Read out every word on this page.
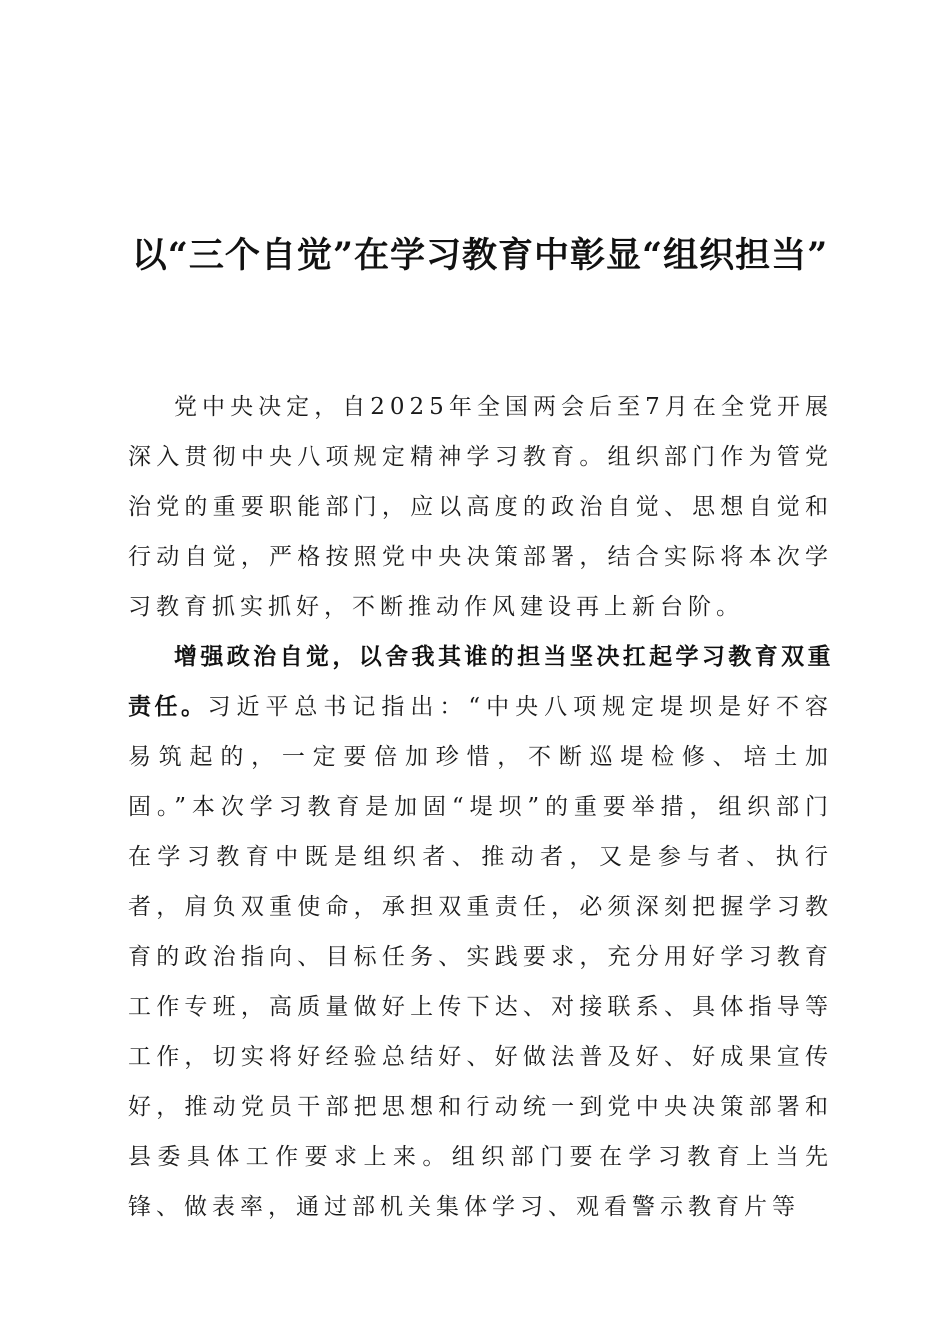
以“三个自觉”在学习教育中彰显“组织担当”

党中央决定，自2025年全国两会后至7月在全党开展深入贯彻中央八项规定精神学习教育。组织部门作为管党治党的重要职能部门，应以高度的政治自觉、思想自觉和行动自觉，严格按照党中央决策部署，结合实际将本次学习教育抓实抓好，不断推动作风建设再上新台阶。

增强政治自觉，以舍我其谁的担当坚决扛起学习教育双重责任。习近平总书记指出：“中央八项规定堤坝是好不容易筑起的，一定要倍加珍惜，不断巡堤检修、培土加固。”本次学习教育是加固“堤坝”的重要举措，组织部门在学习教育中既是组织者、推动者，又是参与者、执行者，肩负双重使命，承担双重责任，必须深刻把握学习教育的政治指向、目标任务、实践要求，充分用好学习教育工作专班，高质量做好上传下达、对接联系、具体指导等工作，切实将好经验总结好、好做法普及好、好成果宣传好，推动党员干部把思想和行动统一到党中央决策部署和县委具体工作要求上来。组织部门要在学习教育上当先锋、做表率，通过部机关集体学习、观看警示教育片等
